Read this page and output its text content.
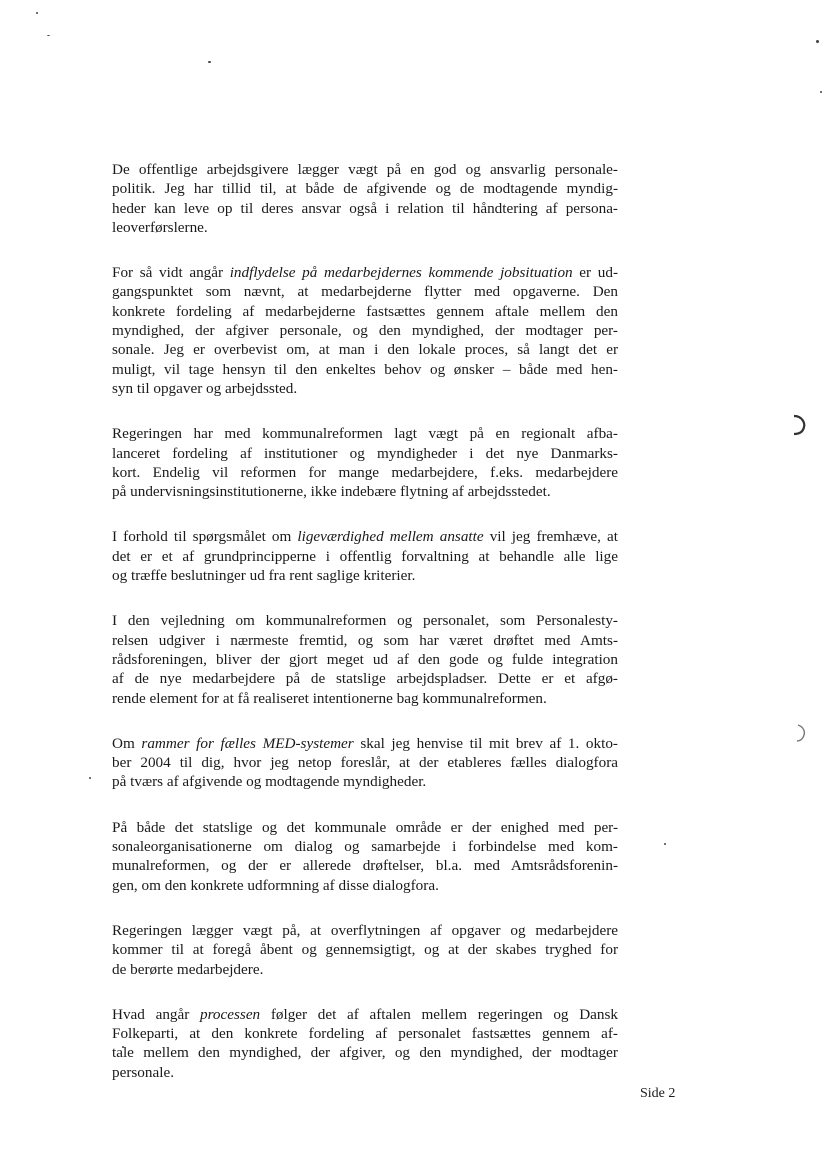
De offentlige arbejdsgivere lægger vægt på en god og ansvarlig personale-
politik. Jeg har tillid til, at både de afgivende og de modtagende myndig-
heder kan leve op til deres ansvar også i relation til håndtering af persona-
leoverførslerne.

For så vidt angår indflydelse på medarbejdernes kommende jobsituation er ud-
gangspunktet som nævnt, at medarbejderne flytter med opgaverne. Den
konkrete fordeling af medarbejderne fastsættes gennem aftale mellem den
myndighed, der afgiver personale, og den myndighed, der modtager per-
sonale. Jeg er overbevist om, at man i den lokale proces, så langt det er
muligt, vil tage hensyn til den enkeltes behov og ønsker – både med hen-
syn til opgaver og arbejdssted.

Regeringen har med kommunalreformen lagt vægt på en regionalt afba-
lanceret fordeling af institutioner og myndigheder i det nye Danmarks-
kort. Endelig vil reformen for mange medarbejdere, f.eks. medarbejdere
på undervisningsinstitutionerne, ikke indebære flytning af arbejdsstedet.

I forhold til spørgsmålet om ligeværdighed mellem ansatte vil jeg fremhæve, at
det er et af grundprincipperne i offentlig forvaltning at behandle alle lige
og træffe beslutninger ud fra rent saglige kriterier.

I den vejledning om kommunalreformen og personalet, som Personalesty-
relsen udgiver i nærmeste fremtid, og som har været drøftet med Amts-
rådsforeningen, bliver der gjort meget ud af den gode og fulde integration
af de nye medarbejdere på de statslige arbejdspladser. Dette er et afgø-
rende element for at få realiseret intentionerne bag kommunalreformen.

Om rammer for fælles MED-systemer skal jeg henvise til mit brev af 1. okto-
ber 2004 til dig, hvor jeg netop foreslår, at der etableres fælles dialogfora
på tværs af afgivende og modtagende myndigheder.

På både det statslige og det kommunale område er der enighed med per-
sonaleorganisationerne om dialog og samarbejde i forbindelse med kom-
munalreformen, og der er allerede drøftelser, bl.a. med Amtsrådsforenin-
gen, om den konkrete udformning af disse dialogfora.

Regeringen lægger vægt på, at overflytningen af opgaver og medarbejdere
kommer til at foregå åbent og gennemsigtigt, og at der skabes tryghed for
de berørte medarbejdere.

Hvad angår processen følger det af aftalen mellem regeringen og Dansk
Folkeparti, at den konkrete fordeling af personalet fastsættes gennem af-
tale mellem den myndighed, der afgiver, og den myndighed, der modtager
personale.

Side 2
